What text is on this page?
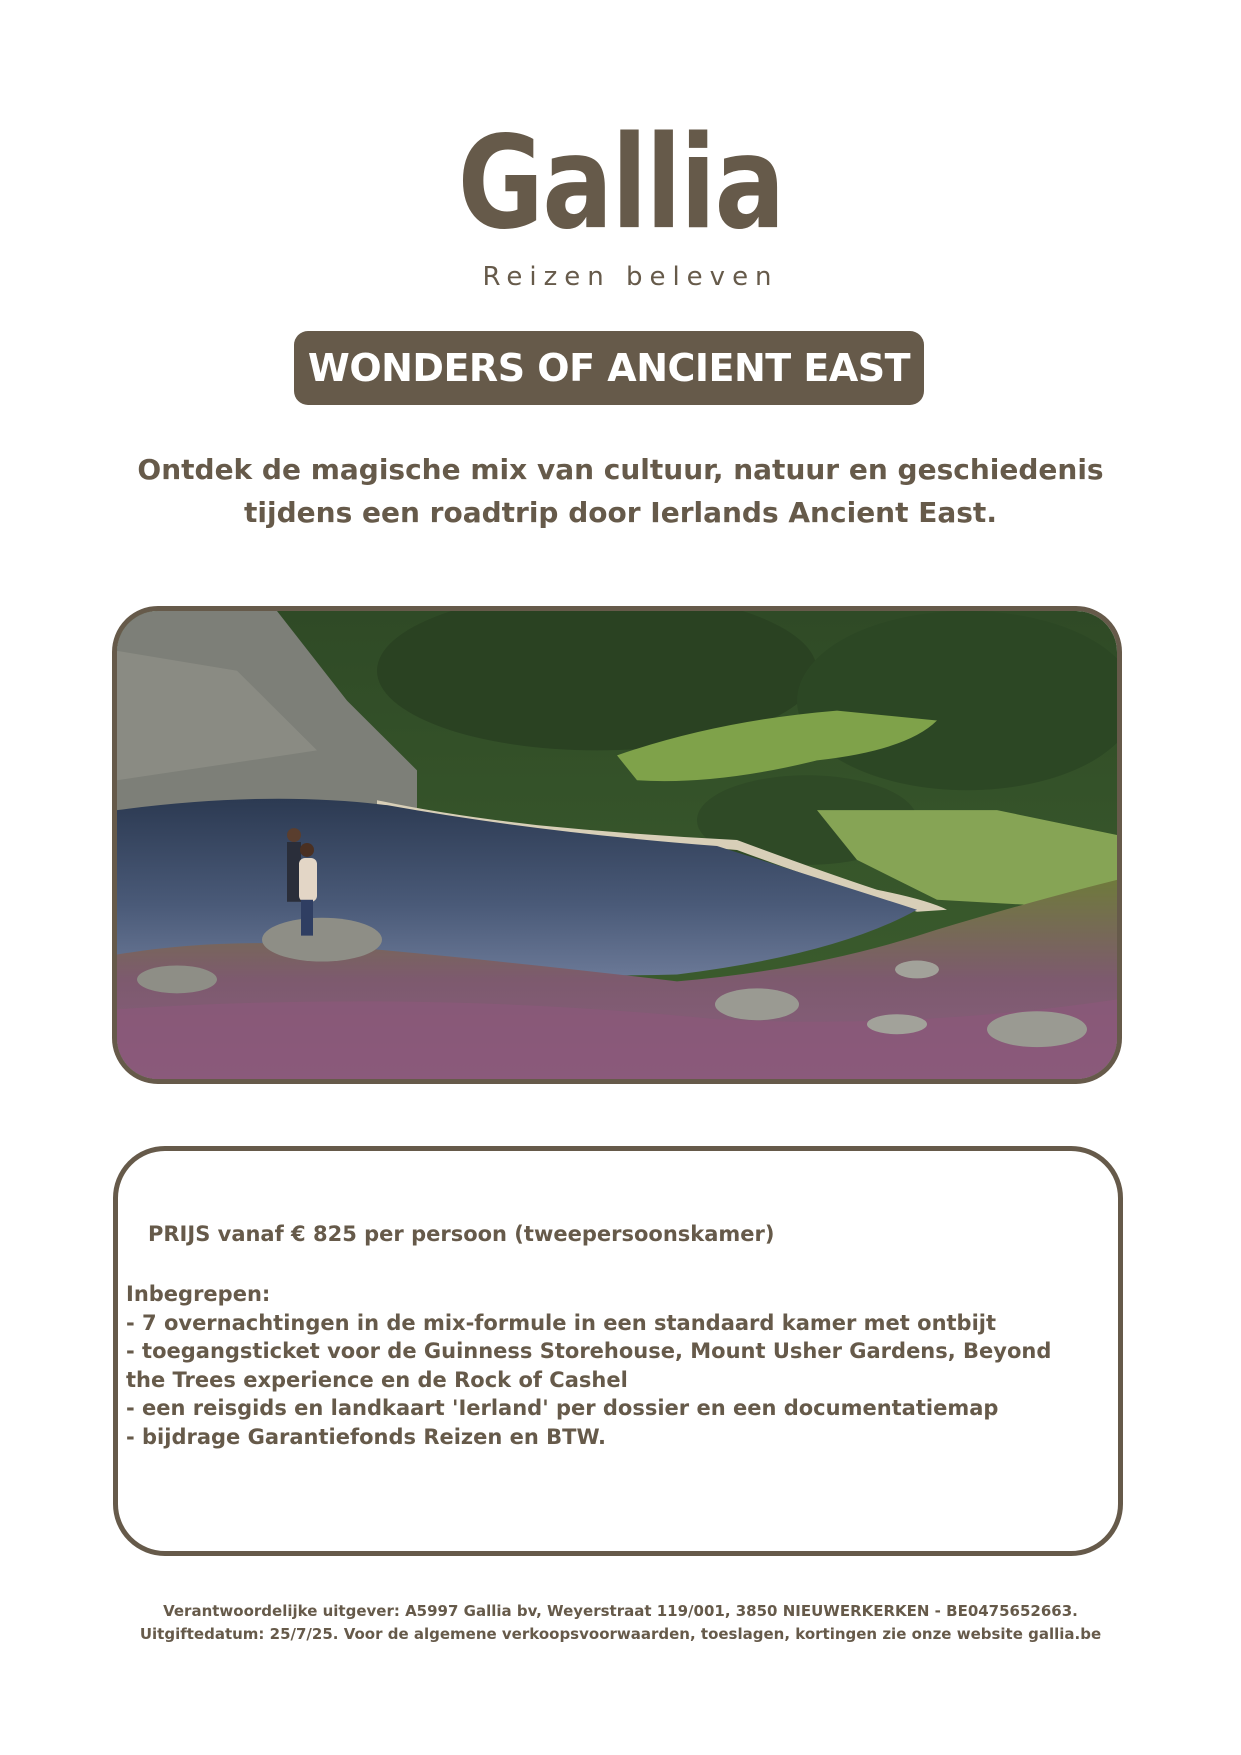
Gallia
Reizen beleven
WONDERS OF ANCIENT EAST
Ontdek de magische mix van cultuur, natuur en geschiedenis
tijdens een roadtrip door Ierlands Ancient East.
PRIJS vanaf € 825 per persoon (tweepersoonskamer)
Inbegrepen:
- 7 overnachtingen in de mix-formule in een standaard kamer met ontbijt
- toegangsticket voor de Guinness Storehouse, Mount Usher Gardens, Beyond the Trees experience en de Rock of Cashel
- een reisgids en landkaart 'Ierland' per dossier en een documentatiemap
- bijdrage Garantiefonds Reizen en BTW.
Verantwoordelijke uitgever: A5997 Gallia bv, Weyerstraat 119/001, 3850 NIEUWERKERKEN - BE0475652663.
Uitgiftedatum: 25/7/25. Voor de algemene verkoopsvoorwaarden, toeslagen, kortingen zie onze website gallia.be
